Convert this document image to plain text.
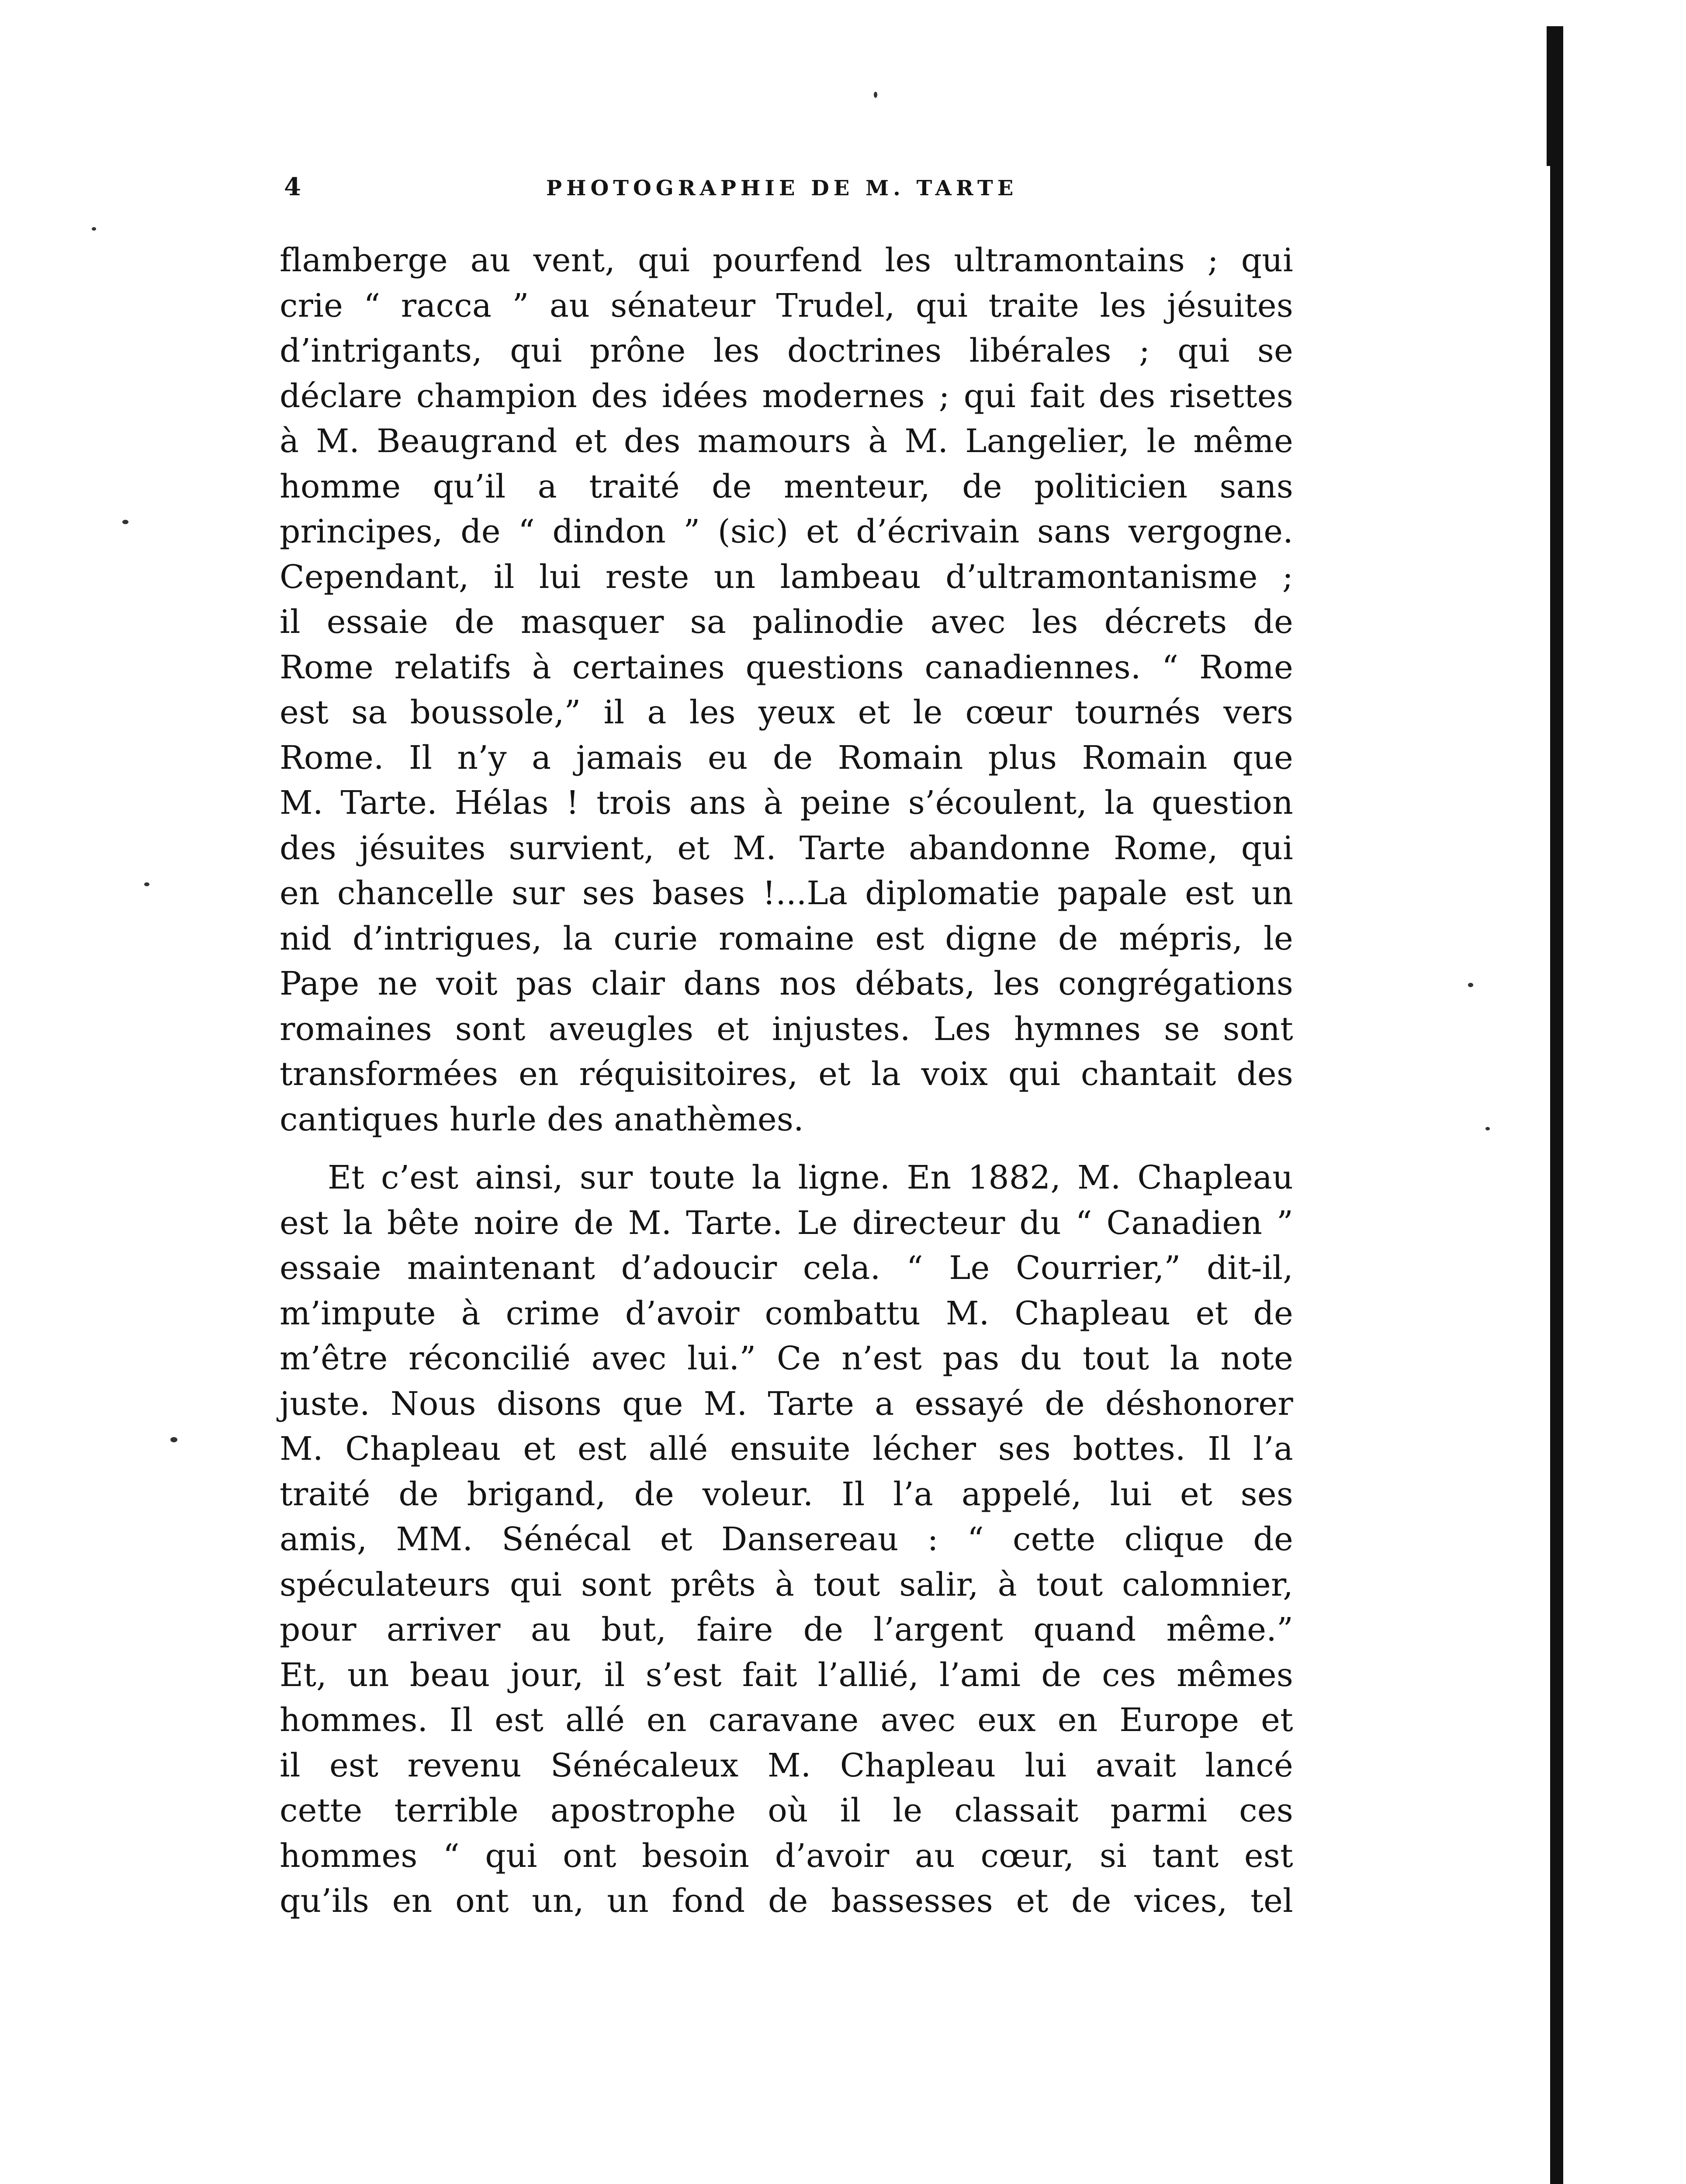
4	PHOTOGRAPHIE DE M. TARTE
flamberge au vent, qui pourfend les ultramontains ; qui
crie “ racca ” au sénateur Trudel, qui traite les jésuites
d’intrigants, qui prône les doctrines libérales ; qui se
déclare champion des idées modernes ; qui fait des risettes
à M. Beaugrand et des mamours à M. Langelier, le même
homme qu’il a traité de menteur, de politicien sans
principes, de “ dindon ” (sic) et d’écrivain sans vergogne.
Cependant, il lui reste un lambeau d’ultramontanisme ;
il essaie de masquer sa palinodie avec les décrets de
Rome relatifs à certaines questions canadiennes. “ Rome
est sa boussole,” il a les yeux et le cœur tournés vers
Rome. Il n’y a jamais eu de Romain plus Romain que
M. Tarte. Hélas ! trois ans à peine s’écoulent, la question
des jésuites survient, et M. Tarte abandonne Rome, qui
en chancelle sur ses bases !...La diplomatie papale est un
nid d’intrigues, la curie romaine est digne de mépris, le
Pape ne voit pas clair dans nos débats, les congrégations
romaines sont aveugles et injustes. Les hymnes se sont
transformées en réquisitoires, et la voix qui chantait des
cantiques hurle des anathèmes.
Et c’est ainsi, sur toute la ligne. En 1882, M. Chapleau
est la bête noire de M. Tarte. Le directeur du “ Canadien ”
essaie maintenant d’adoucir cela. “ Le Courrier,” dit-il,
m’impute à crime d’avoir combattu M. Chapleau et de
m’être réconcilié avec lui.” Ce n’est pas du tout la note
juste. Nous disons que M. Tarte a essayé de déshonorer
M. Chapleau et est allé ensuite lécher ses bottes. Il l’a
traité de brigand, de voleur. Il l’a appelé, lui et ses
amis, MM. Sénécal et Dansereau : “ cette clique de
spéculateurs qui sont prêts à tout salir, à tout calomnier,
pour arriver au but, faire de l’argent quand même.”
Et, un beau jour, il s’est fait l’allié, l’ami de ces mêmes
hommes. Il est allé en caravane avec eux en Europe et
il est revenu Sénécaleux M. Chapleau lui avait lancé
cette terrible apostrophe où il le classait parmi ces
hommes “ qui ont besoin d’avoir au cœur, si tant est
qu’ils en ont un, un fond de bassesses et de vices, tel
